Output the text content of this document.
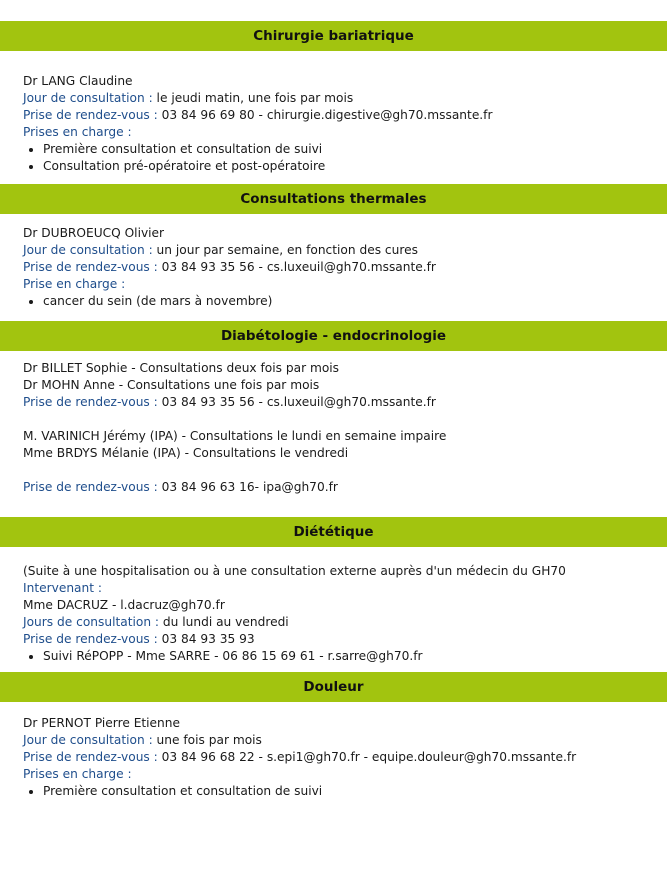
Chirurgie bariatrique
Dr LANG Claudine
Jour de consultation : le jeudi matin, une fois par mois
Prise de rendez-vous : 03 84 96 69 80 - chirurgie.digestive@gh70.mssante.fr
Prises en charge :
Première consultation et consultation de suivi
Consultation pré-opératoire et post-opératoire
Consultations thermales
Dr DUBROEUCQ Olivier
Jour de consultation : un jour par semaine, en fonction des cures
Prise de rendez-vous : 03 84 93 35 56 - cs.luxeuil@gh70.mssante.fr
Prise en charge :
cancer du sein (de mars à novembre)
Diabétologie - endocrinologie
Dr BILLET Sophie - Consultations deux fois par mois
Dr MOHN Anne - Consultations une fois par mois
Prise de rendez-vous : 03 84 93 35 56 - cs.luxeuil@gh70.mssante.fr
M. VARINICH Jérémy (IPA) - Consultations le lundi en semaine impaire
Mme BRDYS Mélanie (IPA) - Consultations le vendredi
Prise de rendez-vous : 03 84 96 63 16- ipa@gh70.fr
Diététique
(Suite à une hospitalisation ou à une consultation externe auprès d'un médecin du GH70
Intervenant :
Mme DACRUZ - l.dacruz@gh70.fr
Jours de consultation : du lundi au vendredi
Prise de rendez-vous : 03 84 93 35 93
Suivi RéPOPP - Mme SARRE - 06 86 15 69 61 - r.sarre@gh70.fr
Douleur
Dr PERNOT Pierre Etienne
Jour de consultation : une fois par mois
Prise de rendez-vous : 03 84 96 68 22 - s.epi1@gh70.fr - equipe.douleur@gh70.mssante.fr
Prises en charge :
Première consultation et consultation de suivi
